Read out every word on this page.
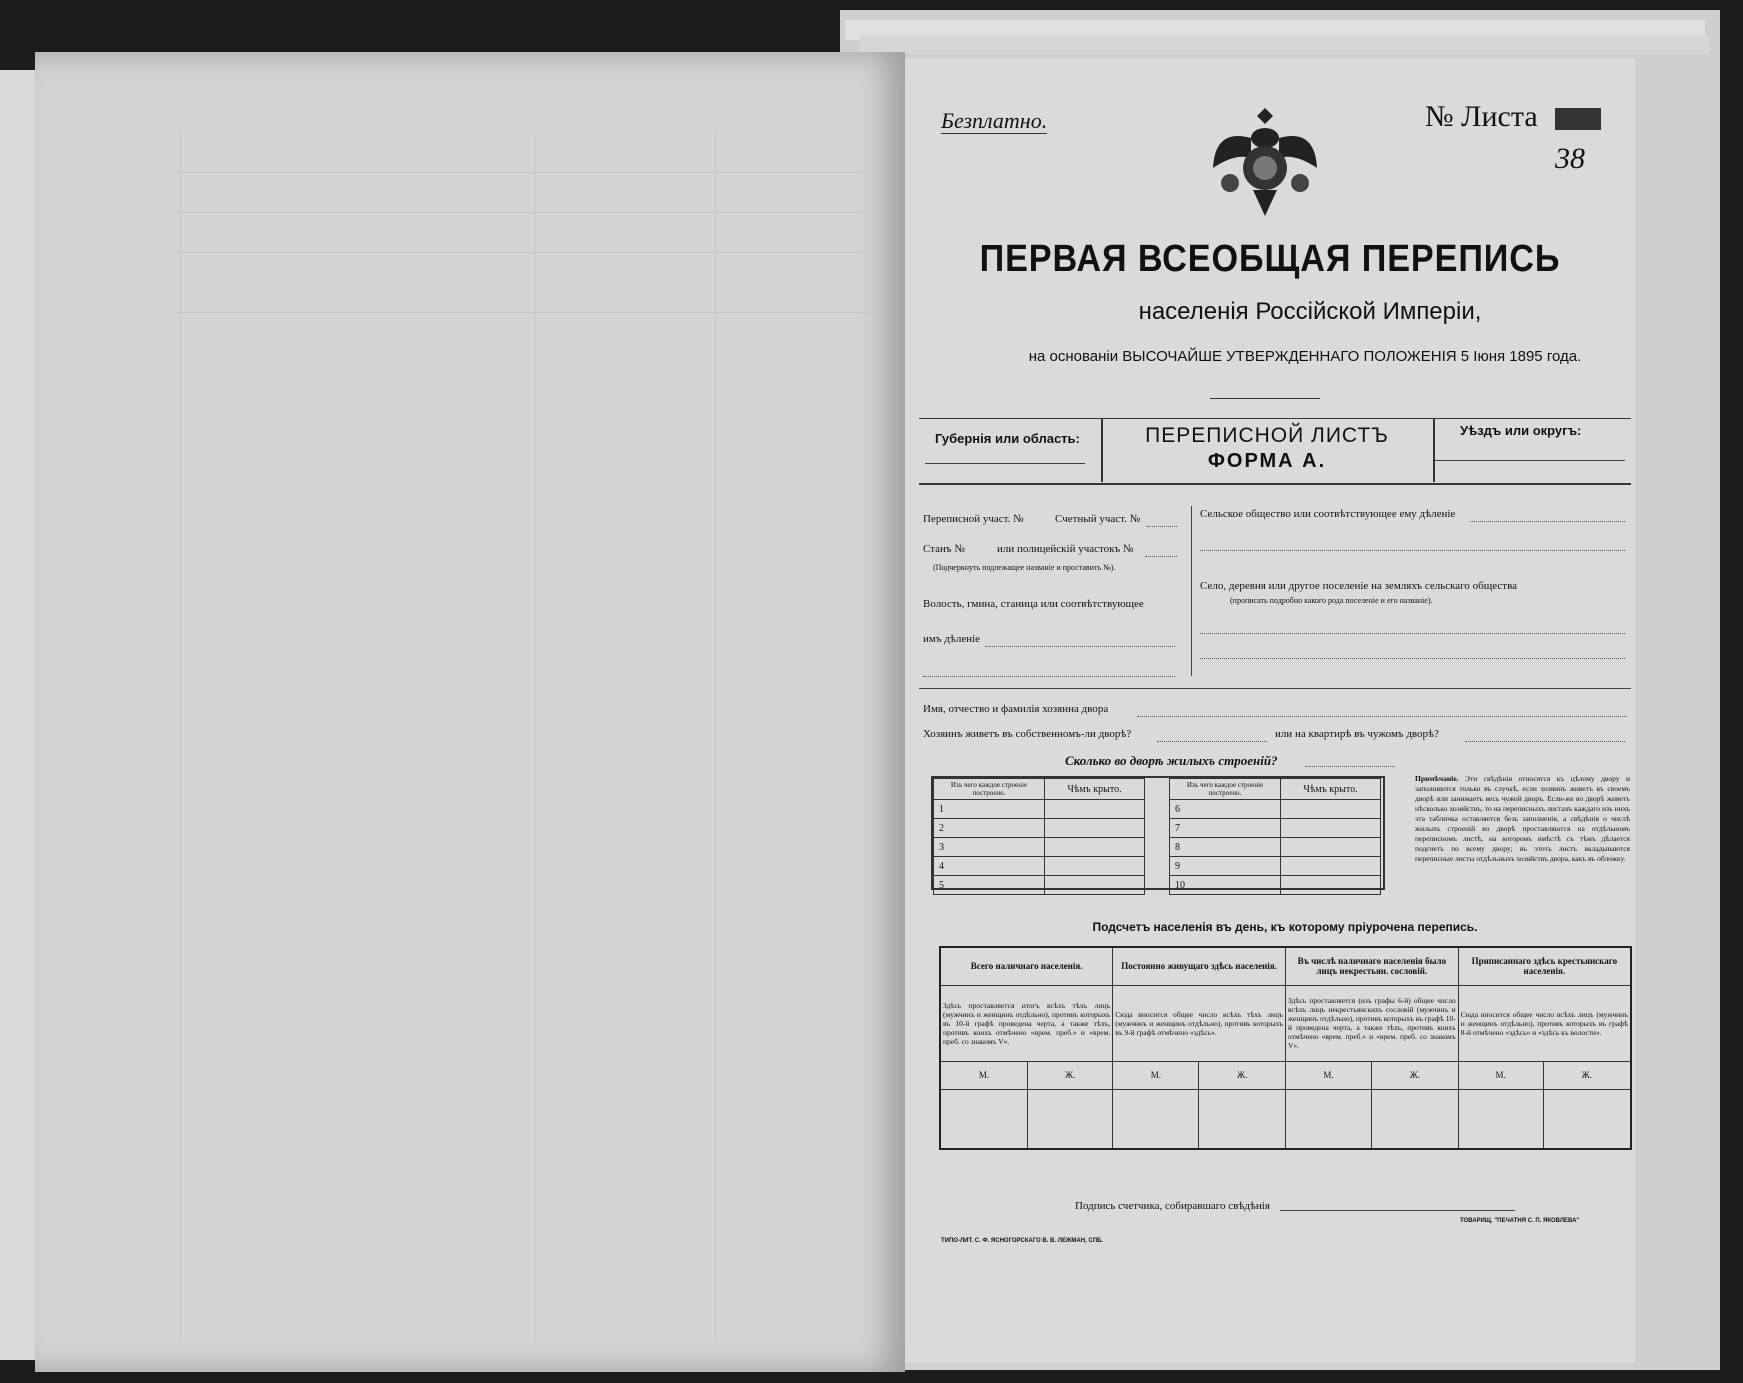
Безплатно.	№ Листа
38
ПЕРВАЯ ВСЕОБЩАЯ ПЕРЕПИСЬ
населенія Россійской Имперіи,
на основаніи ВЫСОЧАЙШЕ УТВЕРЖДЕННАГО ПОЛОЖЕНІЯ 5 Іюня 1895 года.
Губернія или область:	ПЕРЕПИСНОЙ ЛИСТЪ
ФОРМА А.
Уѣздъ или округъ:
Переписной участ. №	Счетный участ. №
Станъ №	или полицейскій участокъ №
(Подчеркнуть подлежащее названіе и проставить №).
Волость, гмина, станица или соотвѣтствующее
имъ дѣленіе
Сельское общество или соотвѣтствующее ему дѣленіе
Село, деревня или другое поселеніе на земляхъ сельскаго общества
(прописать подробно какого рода поселеніе и его названіе).
Имя, отчество и фамилія хозяина двора
Хозяинъ живетъ въ собственномъ-ли дворѣ?	или на квартирѣ въ чужомъ дворѣ?
Сколько во дворѣ жилыхъ строеній?
Изъ чего каждое строеніе построено.	Чѣмъ крыто.
1	
2	
3	
4	
5	
Изъ чего каждое строеніе построено.	Чѣмъ крыто.
6	
7	
8	
9	
10	
Примѣчаніе. Эти свѣдѣнія относятся къ цѣлому двору и заполняются только въ случаѣ, если хозяинъ живетъ въ своемъ дворѣ или занимаетъ весь чужой дворъ. Если-же во дворѣ живетъ нѣсколько хозяйствъ, то на переписныхъ листахъ каждаго изъ нихъ эта табличка оставляется безъ заполненія, а свѣдѣнія о числѣ жилыхъ строеній во дворѣ проставляются на отдѣльномъ переписномъ листѣ, на которомъ вмѣстѣ съ тѣмъ дѣлается подсчетъ по всему двору; въ этотъ листъ вкладываются переписные листы отдѣльныхъ хозяйствъ двора, какъ въ обложку.
Подсчетъ населенія въ день, къ которому пріурочена перепись.
Всего наличнаго населенія.		Постоянно живущаго здѣсь населенія.		Въ числѣ наличнаго населенія было лицъ некрестьян. сословій.		Приписаннаго здѣсь крестьянскаго населенія.	
Здѣсь проставляется итогъ всѣхъ тѣхъ лицъ (мужчинъ и женщинъ отдѣльно), противъ которыхъ въ 10-й графѣ проведена черта, а также тѣхъ, противъ коихъ отмѣчено «врем. преб.» и «врем. преб. со знакомъ V».		Сюда вносится общее число всѣхъ тѣхъ лицъ (мужчинъ и женщинъ отдѣльно), противъ которыхъ въ 9-й графѣ отмѣчено «здѣсь».		Здѣсь проставляется (изъ графы 6-й) общее число всѣхъ лицъ некрестьянскихъ сословій (мужчинъ и женщинъ отдѣльно), противъ которыхъ въ графѣ 10-й проведена черта, а также тѣхъ, противъ коихъ отмѣчено «врем. преб.» и «врем. преб. со знакомъ V».		Сюда вносится общее число всѣхъ лицъ (мужчинъ и женщинъ отдѣльно), противъ которыхъ въ графѣ 8-й отмѣчено «здѣсь» и «здѣсь къ волости».	
М.	Ж.	М.	Ж.	М.	Ж.	М.	Ж.

Подпись счетчика, собиравшаго свѣдѣнія
ТИПО-ЛИТ. С. Ф. ЯСНОГОРСКАГО В. В. ЛЕЖМАН, СПБ.
ТОВАРИЩ. "ПЕЧАТНЯ С. П. ЯКОВЛЕВА"
